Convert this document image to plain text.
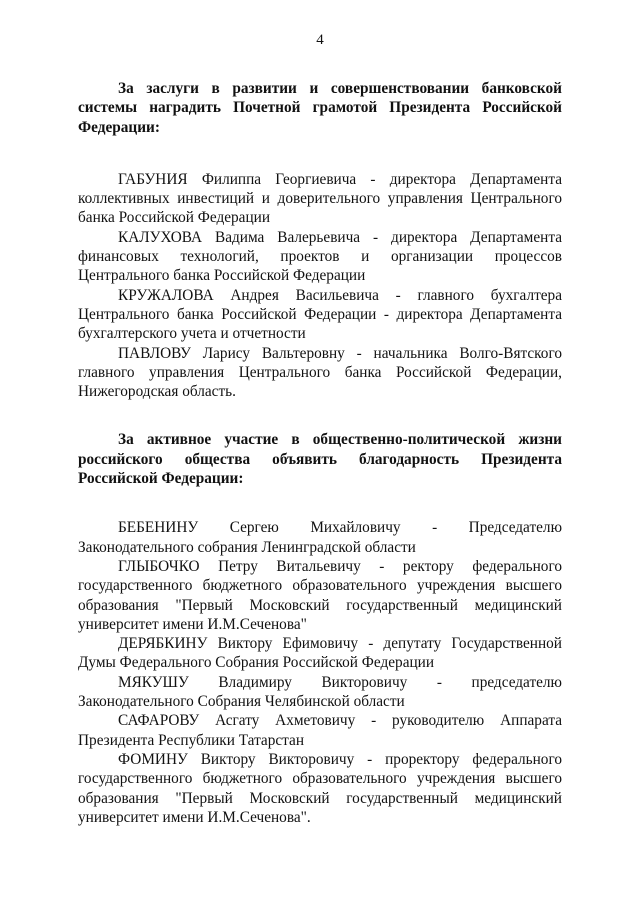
4

За заслуги в развитии и совершенствовании банковской системы наградить Почетной грамотой Президента Российской Федерации:

ГАБУНИЯ Филиппа Георгиевича - директора Департамента коллективных инвестиций и доверительного управления Центрального банка Российской Федерации

КАЛУХОВА Вадима Валерьевича - директора Департамента финансовых технологий, проектов и организации процессов Центрального банка Российской Федерации

КРУЖАЛОВА Андрея Васильевича - главного бухгалтера Центрального банка Российской Федерации - директора Департамента бухгалтерского учета и отчетности

ПАВЛОВУ Ларису Вальтеровну - начальника Волго-Вятского главного управления Центрального банка Российской Федерации, Нижегородская область.

За активное участие в общественно-политической жизни российского общества объявить благодарность Президента Российской Федерации:

БЕБЕНИНУ Сергею Михайловичу - Председателю Законодательного собрания Ленинградской области

ГЛЫБОЧКО Петру Витальевичу - ректору федерального государственного бюджетного образовательного учреждения высшего образования "Первый Московский государственный медицинский университет имени И.М.Сеченова"

ДЕРЯБКИНУ Виктору Ефимовичу - депутату Государственной Думы Федерального Собрания Российской Федерации

МЯКУШУ Владимиру Викторовичу - председателю Законодательного Собрания Челябинской области

САФАРОВУ Асгату Ахметовичу - руководителю Аппарата Президента Республики Татарстан

ФОМИНУ Виктору Викторовичу - проректору федерального государственного бюджетного образовательного учреждения высшего образования "Первый Московский государственный медицинский университет имени И.М.Сеченова".
